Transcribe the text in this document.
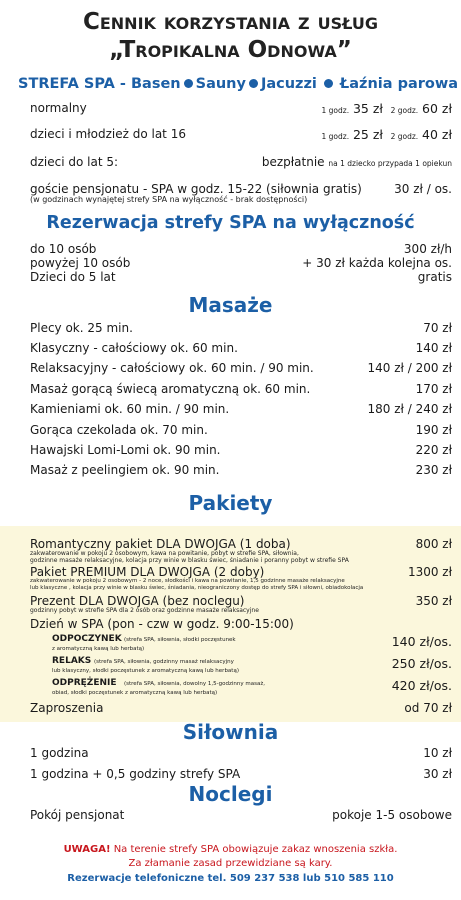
Cennik korzystania z usług
„Tropikalna Odnowa”
STREFA SPA - Basen Sauny Jacuzzi Łaźnia parowa
normalny	1 godz. 35 zł 2 godz. 60 zł
dzieci i młodzież do lat 16	1 godz. 25 zł 2 godz. 40 zł
dzieci do lat 5:	bezpłatnie na 1 dziecko przypada 1 opiekun
goście pensjonatu - SPA w godz. 15-22 (siłownia gratis)	30 zł / os.
(w godzinach wynajętej strefy SPA na wyłączność - brak dostępności)
Rezerwacja strefy SPA na wyłączność
do 10 osób	300 zł/h
powyżej 10 osób	+ 30 zł każda kolejna os.
Dzieci do 5 lat	gratis
Masaże
Plecy ok. 25 min.	70 zł
Klasyczny - całościowy ok. 60 min.	140 zł
Relaksacyjny - całościowy ok. 60 min. / 90 min.	140 zł / 200 zł
Masaż gorącą świecą aromatyczną ok. 60 min.	170 zł
Kamieniami ok. 60 min. / 90 min.	180 zł / 240 zł
Gorąca czekolada ok. 70 min.	190 zł
Hawajski Lomi-Lomi ok. 90 min.	220 zł
Masaż z peelingiem ok. 90 min.	230 zł
Pakiety
Romantyczny pakiet DLA DWOJGA (1 doba)	800 zł
zakwaterowanie w pokoju 2 osobowym, kawa na powitanie, pobyt w strefie SPA, siłownia,
godzinne masaże relaksacyjne, kolacja przy winie w blasku świec, śniadanie i poranny pobyt w strefie SPA
Pakiet PREMIUM DLA DWOJGA (2 doby)	1300 zł
zakwaterowanie w pokoju 2 osobowym - 2 noce, słodkości i kawa na powitanie, 1,5 godzinne masaże relaksacyjne
lub klasyczne , kolacja przy winie w blasku świec, śniadania, nieograniczony dostęp do strefy SPA i siłowni, obiadokolacja
Prezent DLA DWOJGA (bez noclegu)	350 zł
godzinny pobyt w strefie SPA dla 2 osób oraz godzinne masaże relaksacyjne
Dzień w SPA (pon - czw w godz. 9:00-15:00)
ODPOCZYNEK	140 zł/os.
(strefa SPA, siłownia, słodki poczęstunek
z aromatyczną kawą lub herbatą)
RELAKS	250 zł/os.
(strefa SPA, siłownia, godzinny masaż relaksacyjny
lub klasyczny, słodki poczęstunek z aromatyczną kawą lub herbatą)
ODPRĘŻENIE	420 zł/os.
(strefa SPA, siłownia, dowolny 1,5-godzinny masaż,
obiad, słodki poczęstunek z aromatyczną kawą lub herbatą)
Zaproszenia	od 70 zł
Siłownia
1 godzina	10 zł
1 godzina + 0,5 godziny strefy SPA	30 zł
Noclegi
Pokój pensjonat	pokoje 1-5 osobowe
UWAGA! Na terenie strefy SPA obowiązuje zakaz wnoszenia szkła.
Za złamanie zasad przewidziane są kary.
Rezerwacje telefoniczne tel. 509 237 538 lub 510 585 110
